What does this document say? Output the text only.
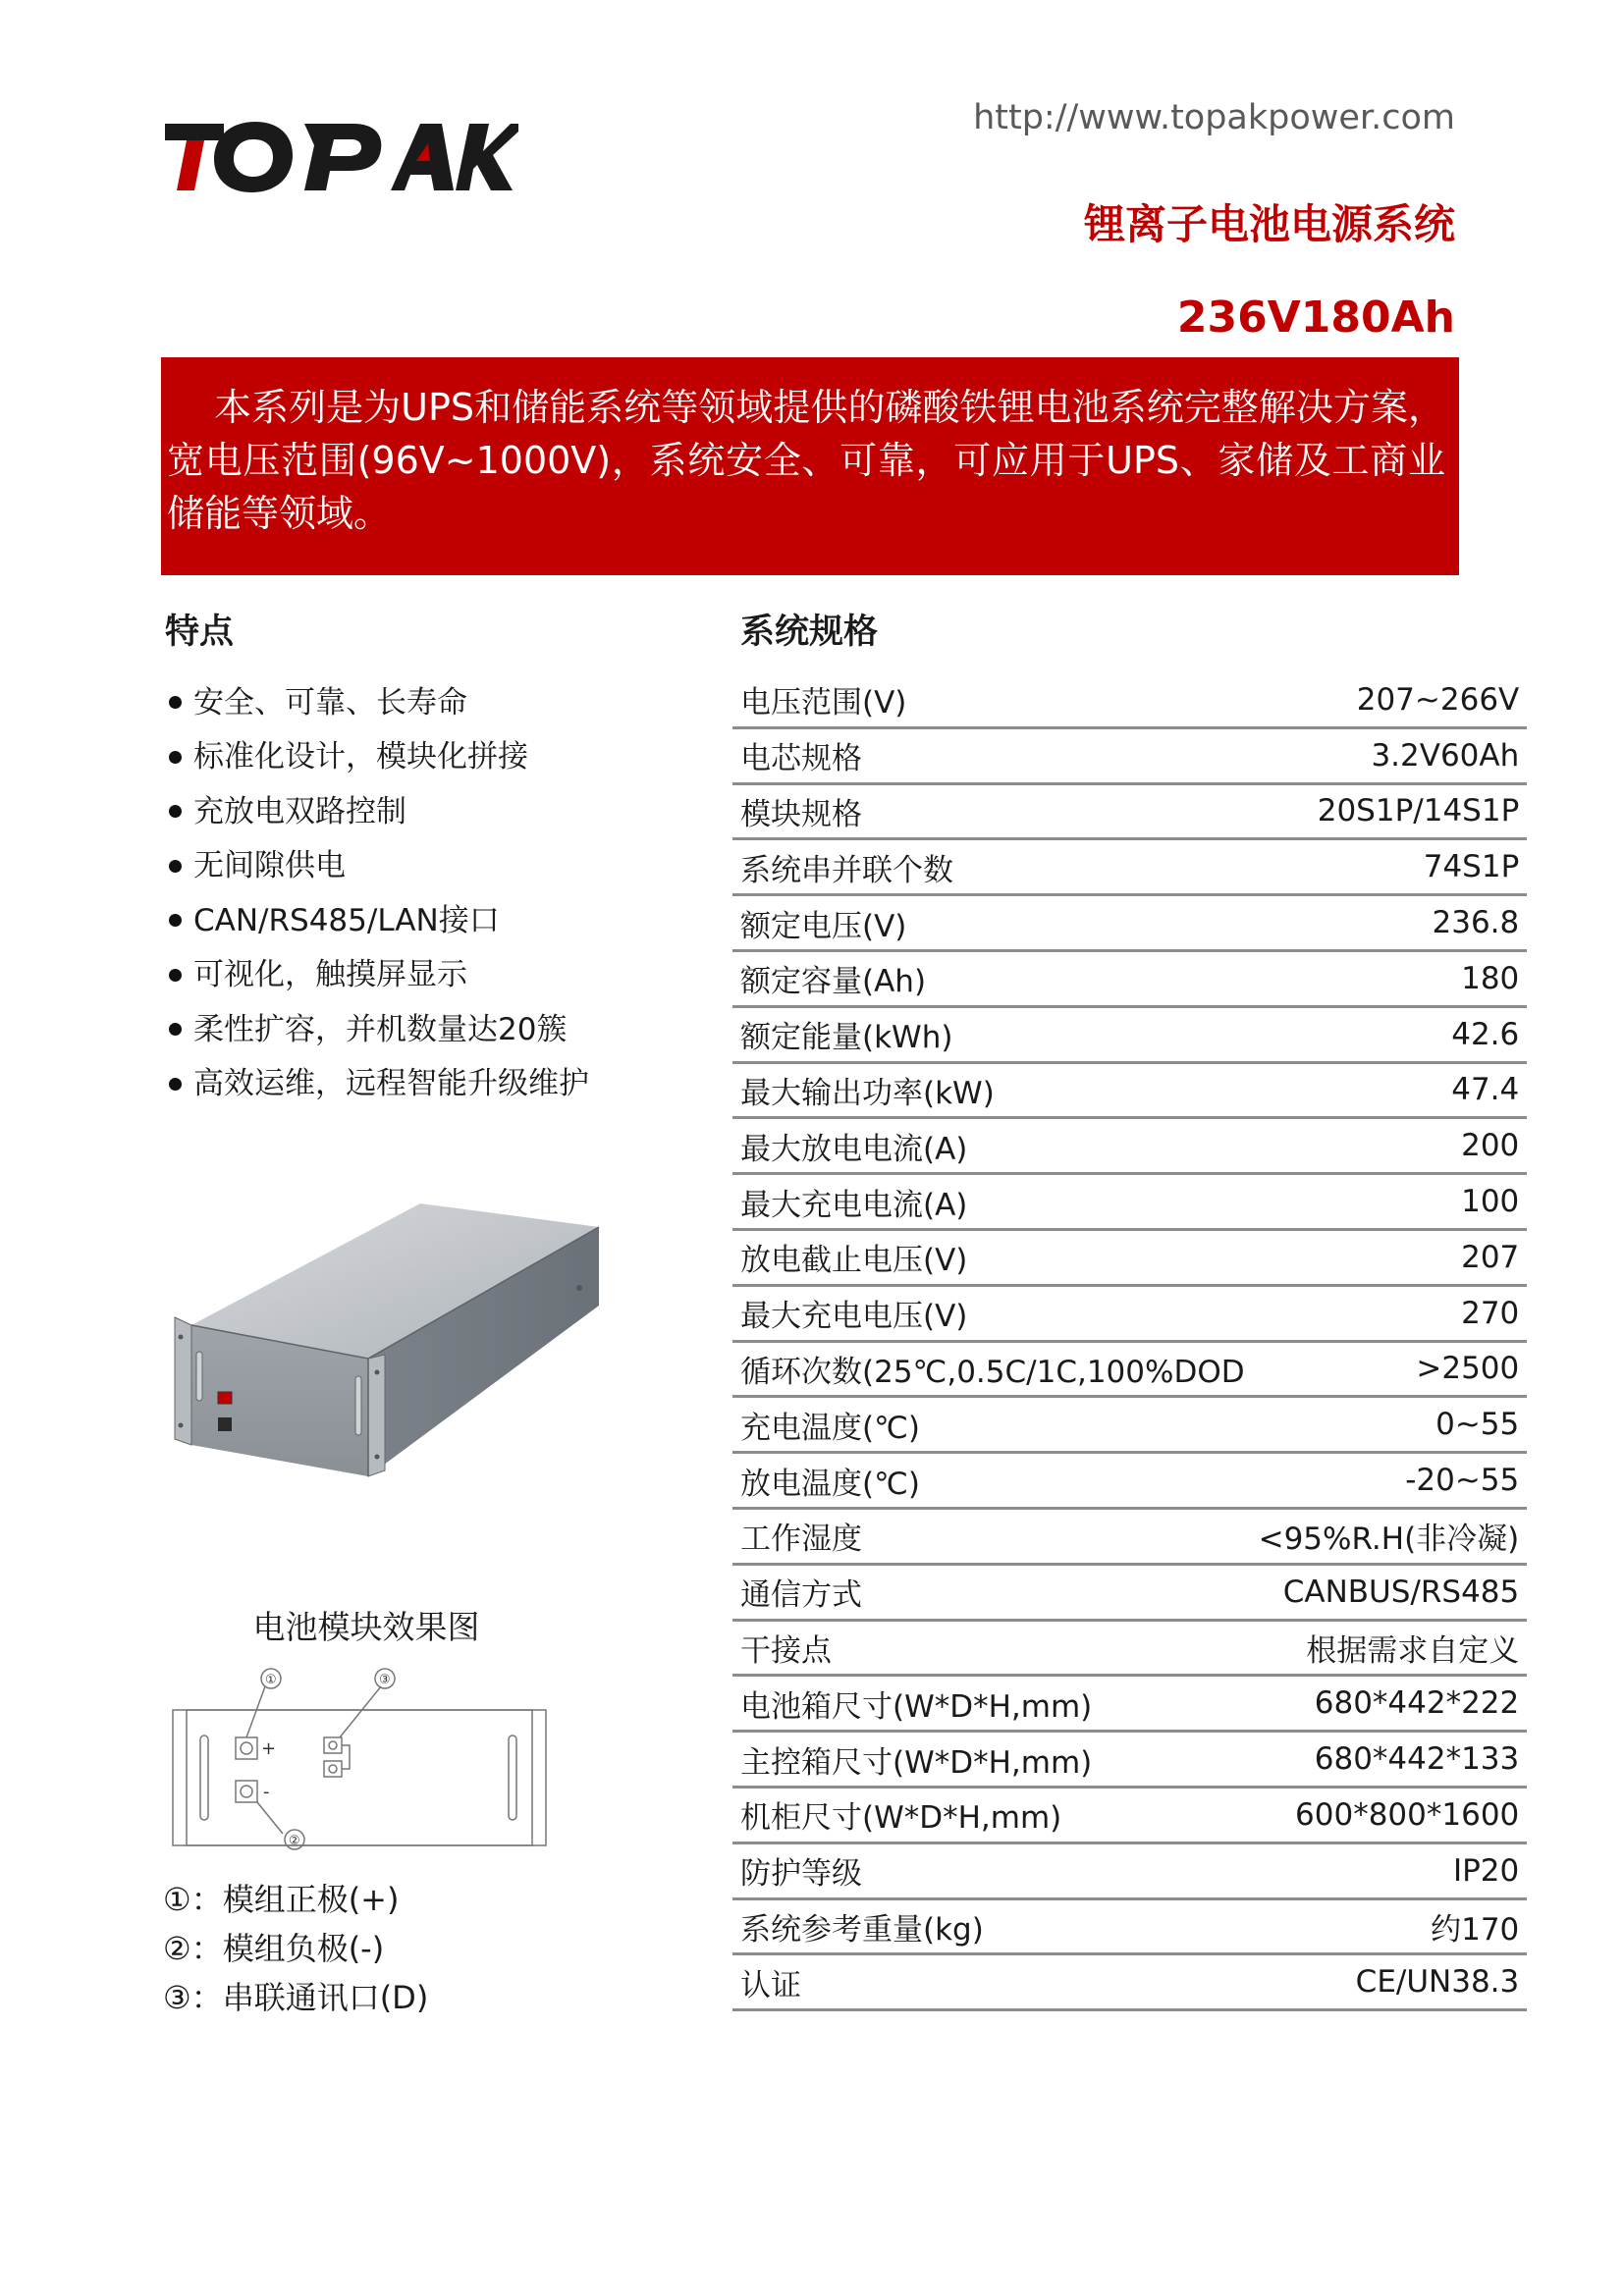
http://www.topakpower.com
锂离子电池电源系统
236V180Ah
本系列是为UPS和储能系统等领域提供的磷酸铁锂电池系统完整解决方案，宽电压范围(96V~1000V)，系统安全、可靠，可应用于UPS、家储及工商业储能等领域。
特点
安全、可靠、长寿命
标准化设计，模块化拼接
充放电双路控制
无间隙供电
CAN/RS485/LAN接口
可视化，触摸屏显示
柔性扩容，并机数量达20簇
高效运维，远程智能升级维护
电池模块效果图
①	③
②
+
-
①：模组正极(+)
②：模组负极(-)
③：串联通讯口(D)
系统规格
电压范围(V)	207~266V
电芯规格	3.2V60Ah
模块规格	20S1P/14S1P
系统串并联个数	74S1P
额定电压(V)	236.8
额定容量(Ah)	180
额定能量(kWh)	42.6
最大输出功率(kW)	47.4
最大放电电流(A)	200
最大充电电流(A)	100
放电截止电压(V)	207
最大充电电压(V)	270
循环次数(25℃,0.5C/1C,100%DOD	>2500
充电温度(℃)	0~55
放电温度(℃)	-20~55
工作湿度	<95%R.H(非冷凝)
通信方式	CANBUS/RS485
干接点	根据需求自定义
电池箱尺寸(W*D*H,mm)	680*442*222
主控箱尺寸(W*D*H,mm)	680*442*133
机柜尺寸(W*D*H,mm)	600*800*1600
防护等级	IP20
系统参考重量(kg)	约170
认证	CE/UN38.3
